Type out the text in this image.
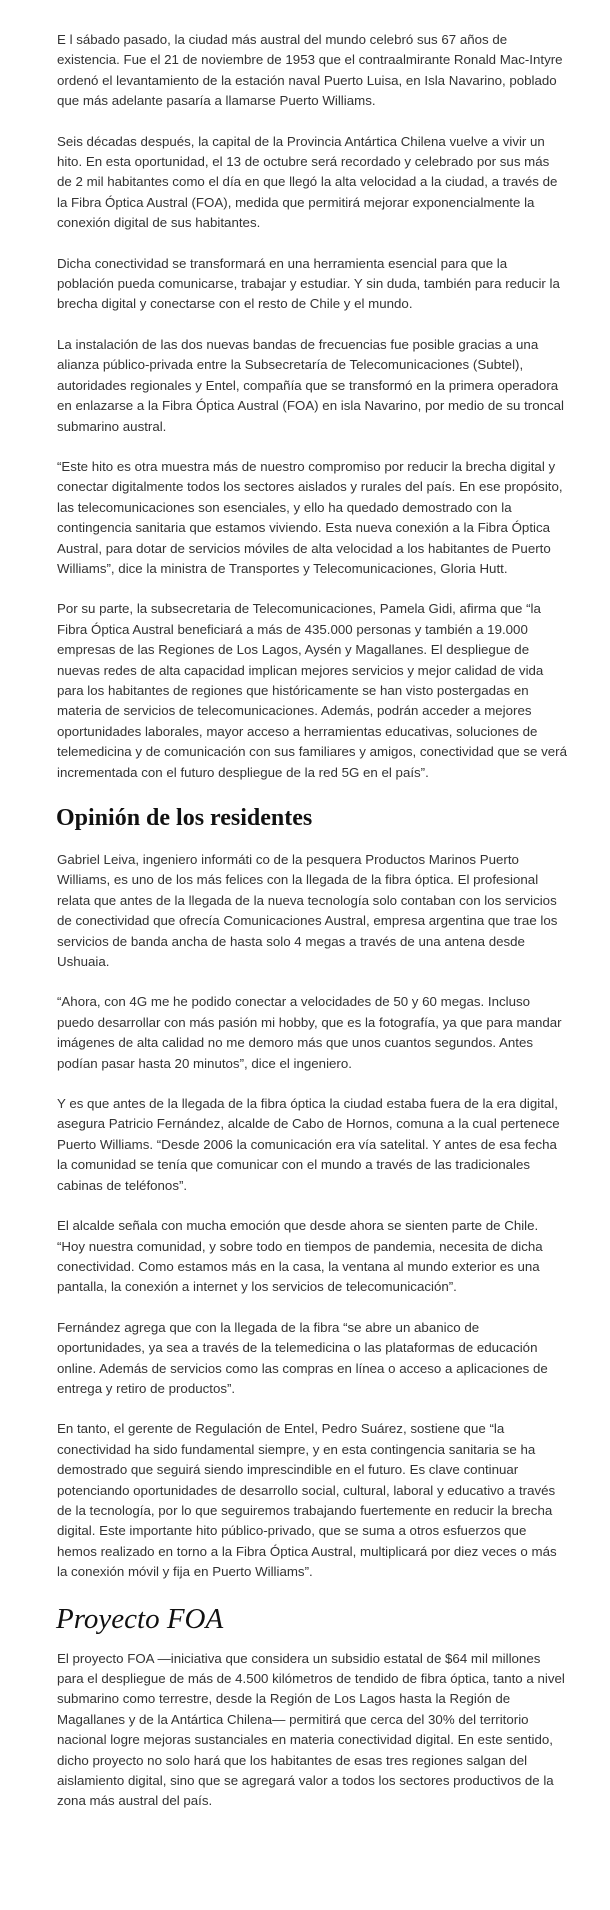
E l sábado pasado, la ciudad más austral del mundo celebró sus 67 años de existencia. Fue el 21 de noviembre de 1953 que el contraalmirante Ronald Mac-Intyre ordenó el levantamiento de la estación naval Puerto Luisa, en Isla Navarino, poblado que más adelante pasaría a llamarse Puerto Williams.

Seis décadas después, la capital de la Provincia Antártica Chilena vuelve a vivir un hito. En esta oportunidad, el 13 de octubre será recordado y celebrado por sus más de 2 mil habitantes como el día en que llegó la alta velocidad a la ciudad, a través de la Fibra Óptica Austral (FOA), medida que permitirá mejorar exponencialmente la conexión digital de sus habitantes.

Dicha conectividad se transformará en una herramienta esencial para que la población pueda comunicarse, trabajar y estudiar. Y sin duda, también para reducir la brecha digital y conectarse con el resto de Chile y el mundo.

La instalación de las dos nuevas bandas de frecuencias fue posible gracias a una alianza público-privada entre la Subsecretaría de Telecomunicaciones (Subtel), autoridades regionales y Entel, compañía que se transformó en la primera operadora en enlazarse a la Fibra Óptica Austral (FOA) en isla Navarino, por medio de su troncal submarino austral.

“Este hito es otra muestra más de nuestro compromiso por reducir la brecha digital y conectar digitalmente todos los sectores aislados y rurales del país. En ese propósito, las telecomunicaciones son esenciales, y ello ha quedado demostrado con la contingencia sanitaria que estamos viviendo. Esta nueva conexión a la Fibra Óptica Austral, para dotar de servicios móviles de alta velocidad a los habitantes de Puerto Williams”, dice la ministra de Transportes y Telecomunicaciones, Gloria Hutt.

Por su parte, la subsecretaria de Telecomunicaciones, Pamela Gidi, afirma que “la Fibra Óptica Austral beneficiará a más de 435.000 personas y también a 19.000 empresas de las Regiones de Los Lagos, Aysén y Magallanes. El despliegue de nuevas redes de alta capacidad implican mejores servicios y mejor calidad de vida para los habitantes de regiones que históricamente se han visto postergadas en materia de servicios de telecomunicaciones. Además, podrán acceder a mejores oportunidades laborales, mayor acceso a herramientas educativas, soluciones de telemedicina y de comunicación con sus familiares y amigos, conectividad que se verá incrementada con el futuro despliegue de la red 5G en el país”.

Opinión de los residentes

Gabriel Leiva, ingeniero informáti co de la pesquera Productos Marinos Puerto Williams, es uno de los más felices con la llegada de la fibra óptica. El profesional relata que antes de la llegada de la nueva tecnología solo contaban con los servicios de conectividad que ofrecía Comunicaciones Austral, empresa argentina que trae los servicios de banda ancha de hasta solo 4 megas a través de una antena desde Ushuaia.

“Ahora, con 4G me he podido conectar a velocidades de 50 y 60 megas. Incluso puedo desarrollar con más pasión mi hobby, que es la fotografía, ya que para mandar imágenes de alta calidad no me demoro más que unos cuantos segundos. Antes podían pasar hasta 20 minutos”, dice el ingeniero.

Y es que antes de la llegada de la fibra óptica la ciudad estaba fuera de la era digital, asegura Patricio Fernández, alcalde de Cabo de Hornos, comuna a la cual pertenece Puerto Williams. “Desde 2006 la comunicación era vía satelital. Y antes de esa fecha la comunidad se tenía que comunicar con el mundo a través de las tradicionales cabinas de teléfonos”.

El alcalde señala con mucha emoción que desde ahora se sienten parte de Chile. “Hoy nuestra comunidad, y sobre todo en tiempos de pandemia, necesita de dicha conectividad. Como estamos más en la casa, la ventana al mundo exterior es una pantalla, la conexión a internet y los servicios de telecomunicación”.

Fernández agrega que con la llegada de la fibra “se abre un abanico de oportunidades, ya sea a través de la telemedicina o las plataformas de educación online. Además de servicios como las compras en línea o acceso a aplicaciones de entrega y retiro de productos”.

En tanto, el gerente de Regulación de Entel, Pedro Suárez, sostiene que “la conectividad ha sido fundamental siempre, y en esta contingencia sanitaria se ha demostrado que seguirá siendo imprescindible en el futuro. Es clave continuar potenciando oportunidades de desarrollo social, cultural, laboral y educativo a través de la tecnología, por lo que seguiremos trabajando fuertemente en reducir la brecha digital. Este importante hito público-privado, que se suma a otros esfuerzos que hemos realizado en torno a la Fibra Óptica Austral, multiplicará por diez veces o más la conexión móvil y fija en Puerto Williams”.

Proyecto FOA

El proyecto FOA —iniciativa que considera un subsidio estatal de $64 mil millones para el despliegue de más de 4.500 kilómetros de tendido de fibra óptica, tanto a nivel submarino como terrestre, desde la Región de Los Lagos hasta la Región de Magallanes y de la Antártica Chilena— permitirá que cerca del 30% del territorio nacional logre mejoras sustanciales en materia conectividad digital. En este sentido, dicho proyecto no solo hará que los habitantes de esas tres regiones salgan del aislamiento digital, sino que se agregará valor a todos los sectores productivos de la zona más austral del país.
